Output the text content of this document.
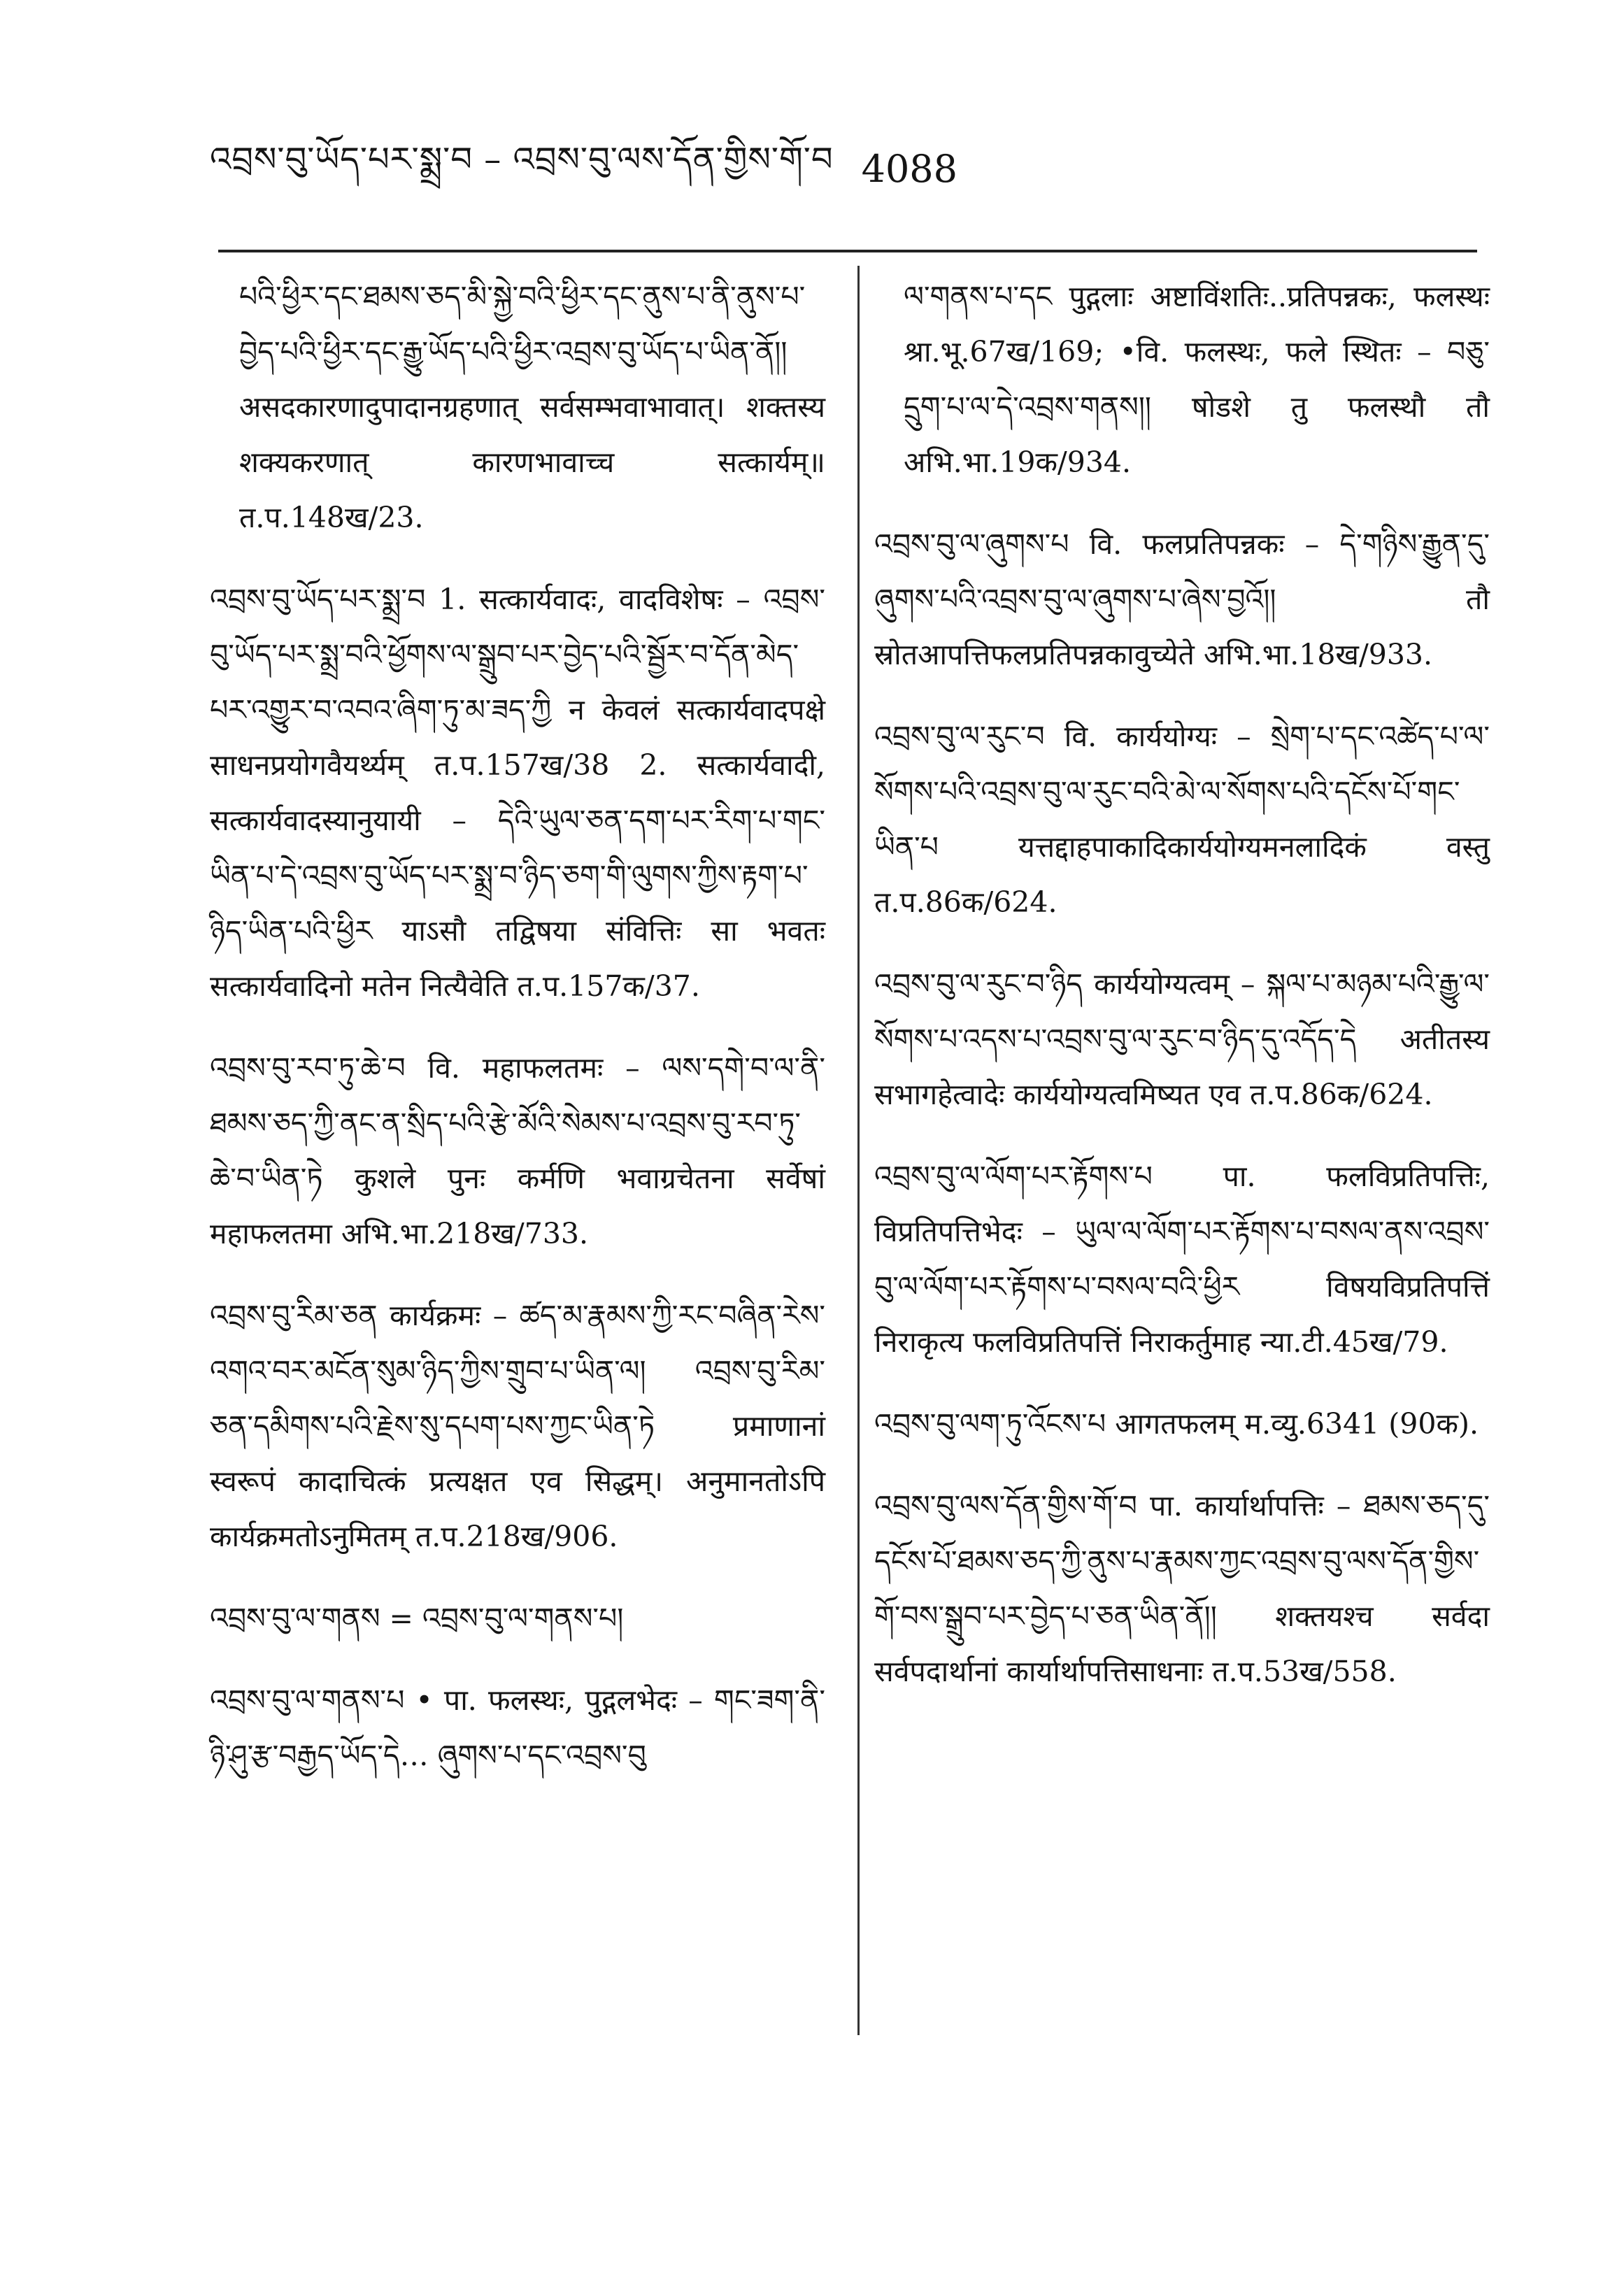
འབྲས་བུ་ཡོད་པར་སྨྲ་བ – འབྲས་བུ་ལས་དོན་གྱིས་གོ་བ 4088
པའི་ཕྱིར་དང་ཐམས་ཅད་མི་སྐྱེ་བའི་ཕྱིར་དང་ནུས་པ་ནི་ནུས་པ་བྱེད་པའི་ཕྱིར་དང་རྒྱུ་ཡོད་པའི་ཕྱིར་འབྲས་བུ་ཡོད་པ་ཡིན་ནོ།། असदकारणादुपादानग्रहणात् सर्वसम्भवाभावात्। शक्तस्य शक्यकरणात् कारणभावाच्च सत्कार्यम्॥ त.प.148ख/23.
འབྲས་བུ་ཡོད་པར་སྨྲ་བ 1. सत्कार्यवादः, वादविशेषः – འབྲས་བུ་ཡོད་པར་སྨྲ་བའི་ཕྱོགས་ལ་སྒྲུབ་པར་བྱེད་པའི་སྦྱོར་བ་དོན་མེད་པར་འགྱུར་བ་འབའ་ཞིག་ཏུ་མ་ཟད་ཀྱི न केवलं सत्कार्यवादपक्षे साधनप्रयोगवैयर्थ्यम् त.प.157ख/38 2. सत्कार्यवादी, सत्कार्यवादस्यानुयायी – དེའི་ཡུལ་ཅན་དག་པར་རིག་པ་གང་ཡིན་པ་དེ་འབྲས་བུ་ཡོད་པར་སྨྲ་བ་ཉིད་ཅག་གི་ལུགས་ཀྱིས་རྟག་པ་ཉིད་ཡིན་པའི་ཕྱིར याऽसौ तद्विषया संवित्तिः सा भवतः सत्कार्यवादिनो मतेन नित्यैवेति त.प.157क/37.
འབྲས་བུ་རབ་ཏུ་ཆེ་བ वि. महाफलतमः – ལས་དགེ་བ་ལ་ནི་ཐམས་ཅད་ཀྱི་ནང་ན་སྲིད་པའི་རྩེ་མོའི་སེམས་པ་འབྲས་བུ་རབ་ཏུ་ཆེ་བ་ཡིན་ཏེ कुशले पुनः कर्मणि भवाग्रचेतना सर्वेषां महाफलतमा अभि.भा.218ख/733.
འབྲས་བུ་རིམ་ཅན कार्यक्रमः – ཚད་མ་རྣམས་ཀྱི་རང་བཞིན་རེས་འགའ་བར་མངོན་སུམ་ཉིད་ཀྱིས་གྲུབ་པ་ཡིན་ལ། འབྲས་བུ་རིམ་ཅན་དམིགས་པའི་རྗེས་སུ་དཔག་པས་ཀྱང་ཡིན་ཏེ प्रमाणानां स्वरूपं कादाचित्कं प्रत्यक्षत एव सिद्धम्। अनुमानतोऽपि कार्यक्रमतोऽनुमितम् त.प.218ख/906.
འབྲས་བུ་ལ་གནས = འབྲས་བུ་ལ་གནས་པ།
འབྲས་བུ་ལ་གནས་པ • पा. फलस्थः, पुद्गलभेदः – གང་ཟག་ནི་ཉི་ཤུ་རྩ་བརྒྱད་ཡོད་དེ… ཞུགས་པ་དང་འབྲས་བུ
ལ་གནས་པ་དང पुद्गलाः अष्टाविंशतिः..प्रतिपन्नकः, फलस्थः श्रा.भू.67ख/169; •वि. फलस्थः, फले स्थितः – བཅུ་དྲུག་པ་ལ་དེ་འབྲས་གནས།། षोडशे तु फलस्थौ तौ अभि.भा.19क/934.
འབྲས་བུ་ལ་ཞུགས་པ वि. फलप्रतिपन्नकः – དེ་གཉིས་རྒྱུན་དུ་ཞུགས་པའི་འབྲས་བུ་ལ་ཞུགས་པ་ཞེས་བྱའོ།། तौ स्रोतआपत्तिफलप्रतिपन्नकावुच्येते अभि.भा.18ख/933.
འབྲས་བུ་ལ་རུང་བ वि. कार्ययोग्यः – སྲེག་པ་དང་འཚེད་པ་ལ་སོགས་པའི་འབྲས་བུ་ལ་རུང་བའི་མེ་ལ་སོགས་པའི་དངོས་པོ་གང་ཡིན་པ यत्तद्दाहपाकादिकार्ययोग्यमनलादिकं वस्तु त.प.86क/624.
འབྲས་བུ་ལ་རུང་བ་ཉིད कार्ययोग्यत्वम् – སྐལ་པ་མཉམ་པའི་རྒྱུ་ལ་སོགས་པ་འདས་པ་འབྲས་བུ་ལ་རུང་བ་ཉིད་དུ་འདོད་དེ अतीतस्य सभागहेत्वादेः कार्ययोग्यत्वमिष्यत एव त.प.86क/624.
འབྲས་བུ་ལ་ལོག་པར་རྟོགས་པ पा. फलविप्रतिपत्तिः, विप्रतिपत्तिभेदः – ཡུལ་ལ་ལོག་པར་རྟོགས་པ་བསལ་ནས་འབྲས་བུ་ལ་ལོག་པར་རྟོགས་པ་བསལ་བའི་ཕྱིར विषयविप्रतिपत्तिं निराकृत्य फलविप्रतिपत्तिं निराकर्तुमाह न्या.टी.45ख/79.
འབྲས་བུ་ལག་ཏུ་འོངས་པ आगतफलम् म.व्यु.6341 (90क).
འབྲས་བུ་ལས་དོན་གྱིས་གོ་བ पा. कार्यार्थापत्तिः – ཐམས་ཅད་དུ་དངོས་པོ་ཐམས་ཅད་ཀྱི་ནུས་པ་རྣམས་ཀྱང་འབྲས་བུ་ལས་དོན་གྱིས་གོ་བས་སྒྲུབ་པར་བྱེད་པ་ཅན་ཡིན་ནོ།། शक्तयश्च सर्वदा सर्वपदार्थानां कार्यार्थापत्तिसाधनाः त.प.53ख/558.
